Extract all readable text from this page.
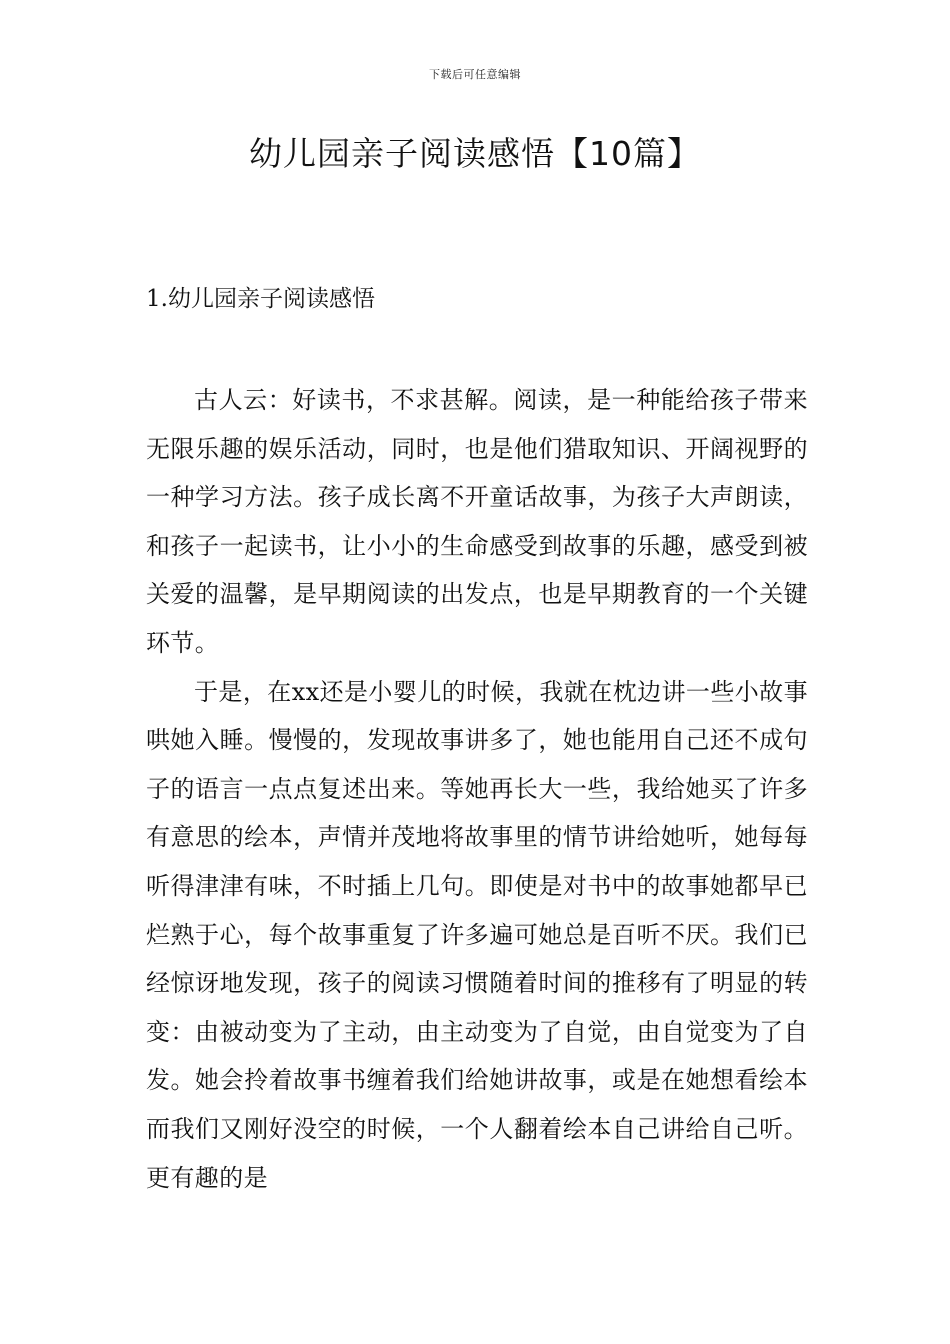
下载后可任意编辑
幼儿园亲子阅读感悟【10篇】
1.幼儿园亲子阅读感悟

古人云：好读书，不求甚解。阅读，是一种能给孩子带来无限乐趣的娱乐活动，同时，也是他们猎取知识、开阔视野的一种学习方法。孩子成长离不开童话故事，为孩子大声朗读，和孩子一起读书，让小小的生命感受到故事的乐趣，感受到被关爱的温馨，是早期阅读的出发点，也是早期教育的一个关键环节。

于是，在xx还是小婴儿的时候，我就在枕边讲一些小故事哄她入睡。慢慢的，发现故事讲多了，她也能用自己还不成句子的语言一点点复述出来。等她再长大一些，我给她买了许多有意思的绘本，声情并茂地将故事里的情节讲给她听，她每每听得津津有味，不时插上几句。即使是对书中的故事她都早已烂熟于心，每个故事重复了许多遍可她总是百听不厌。我们已经惊讶地发现，孩子的阅读习惯随着时间的推移有了明显的转变：由被动变为了主动，由主动变为了自觉，由自觉变为了自发。她会拎着故事书缠着我们给她讲故事，或是在她想看绘本而我们又刚好没空的时候，一个人翻着绘本自己讲给自己听。更有趣的是
